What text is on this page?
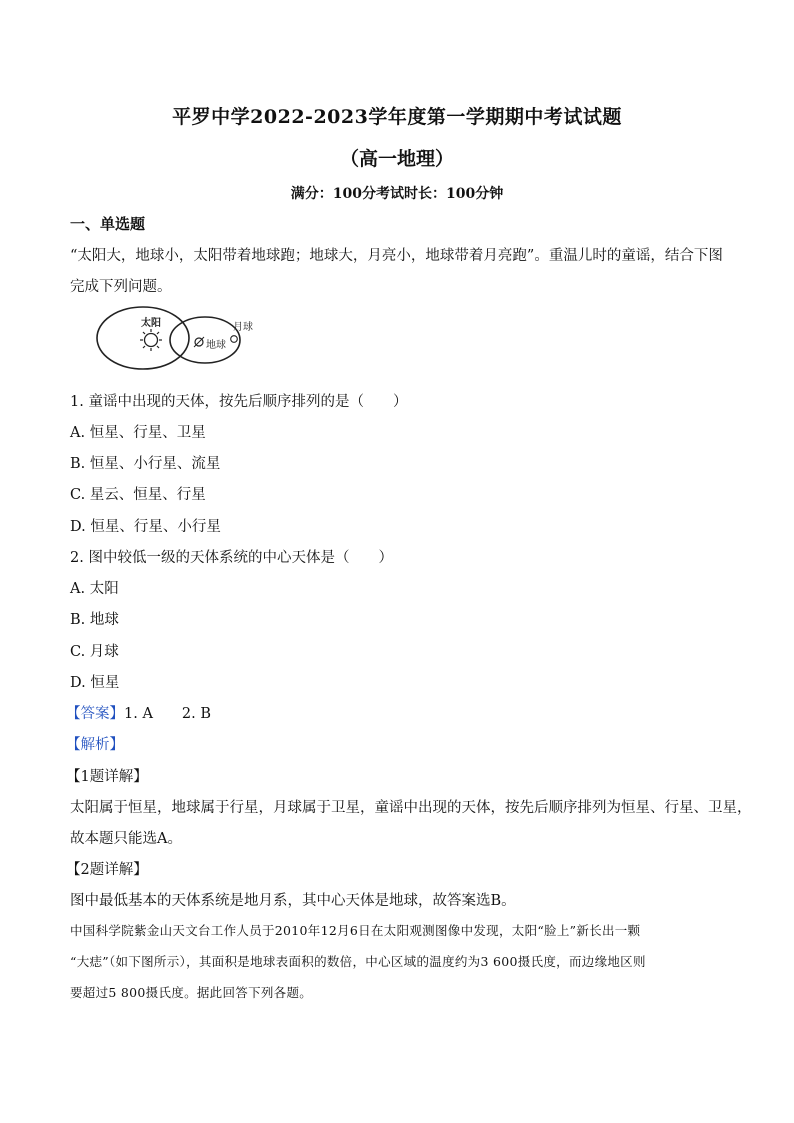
平罗中学2022-2023学年度第一学期期中考试试题
（高一地理）
满分：100分考试时长：100分钟
一、单选题
“太阳大，地球小，太阳带着地球跑；地球大，月亮小，地球带着月亮跑”。重温儿时的童谣，结合下图
完成下列问题。
太阳
地球
月球
1. 童谣中出现的天体，按先后顺序排列的是（　　）
A. 恒星、行星、卫星
B. 恒星、小行星、流星
C. 星云、恒星、行星
D. 恒星、行星、小行星
2. 图中较低一级的天体系统的中心天体是（　　）
A. 太阳
B. 地球
C. 月球
D. 恒星
【答案】1. A　　2. B
【解析】
【1题详解】
太阳属于恒星，地球属于行星，月球属于卫星，童谣中出现的天体，按先后顺序排列为恒星、行星、卫星，
故本题只能选A。
【2题详解】
图中最低基本的天体系统是地月系，其中心天体是地球，故答案选B。
中国科学院紫金山天文台工作人员于2010年12月6日在太阳观测图像中发现，太阳“脸上”新长出一颗
“大痣”（如下图所示），其面积是地球表面积的数倍，中心区域的温度约为3 600摄氏度，而边缘地区则
要超过5 800摄氏度。据此回答下列各题。
